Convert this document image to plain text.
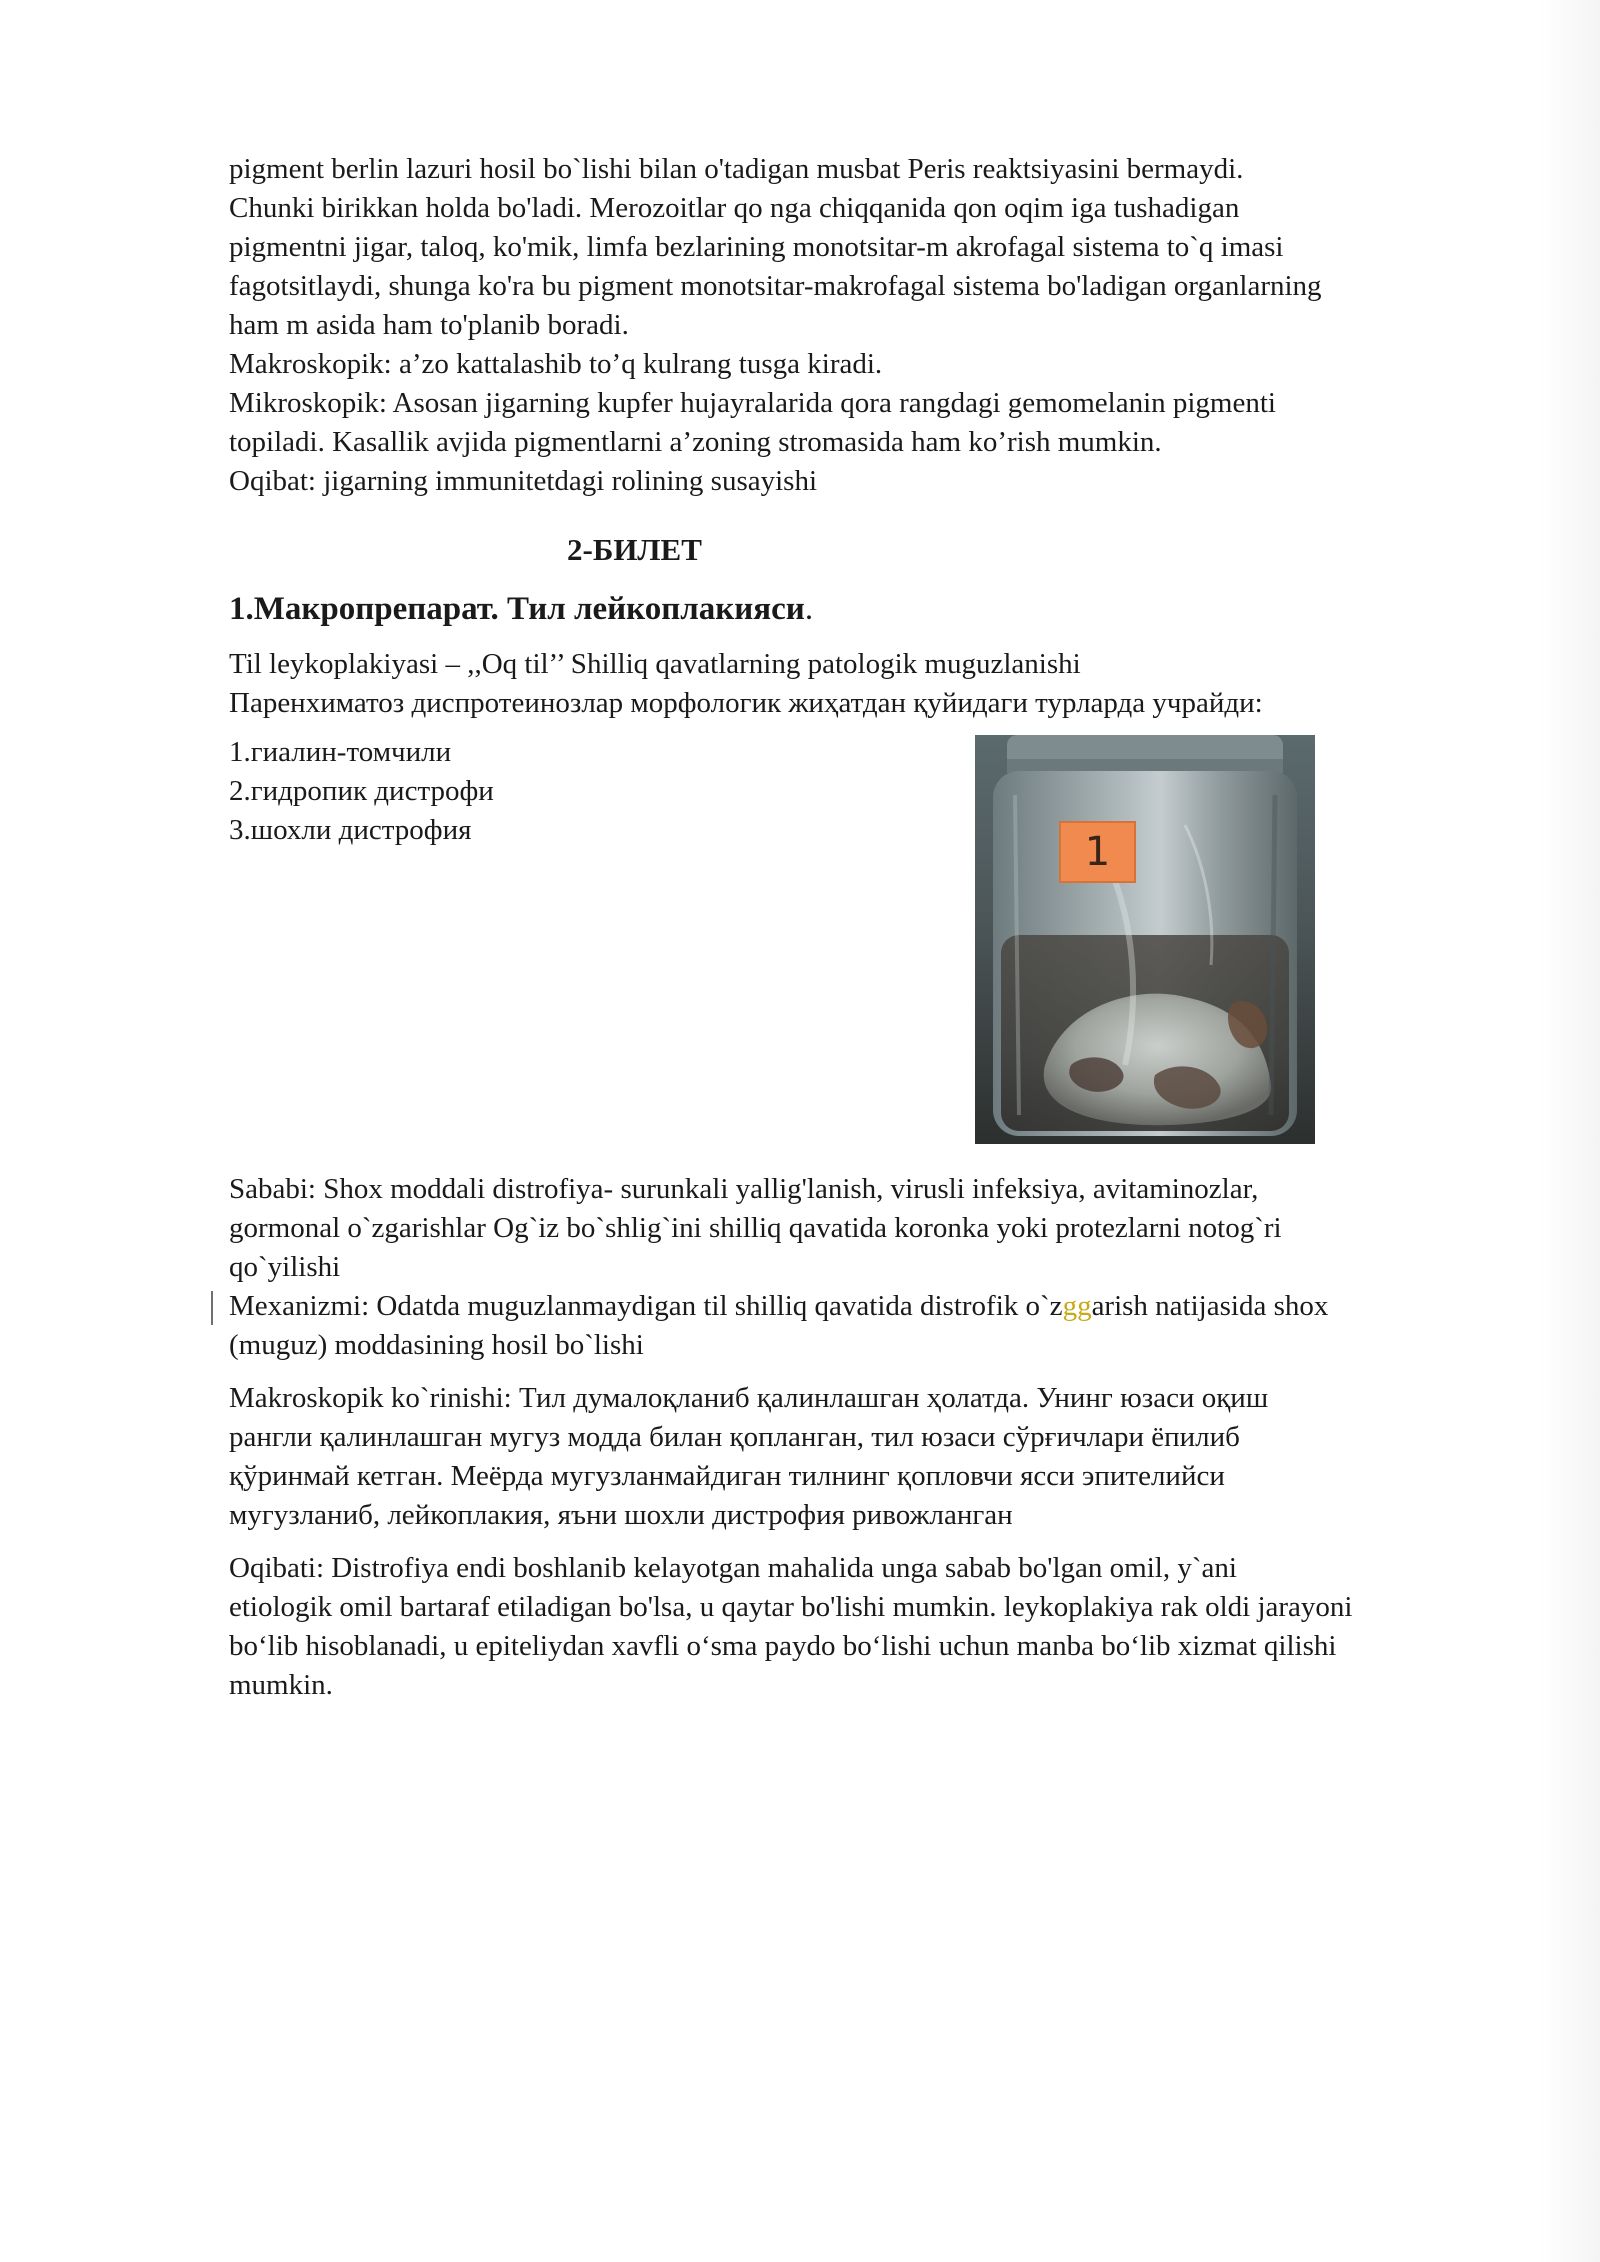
pigment berlin lazuri hosil bo`lishi bilan o'tadigan musbat Peris reaktsiyasini bermaydi.

Chunki birikkan holda bo'ladi. Merozoitlar qo nga chiqqanida qon oqim iga tushadigan

pigmentni jigar, taloq, ko'mik, limfa bezlarining monotsitar-m akrofagal sistema to`q imasi

fagotsitlaydi, shunga ko'ra bu pigment monotsitar-makrofagal sistema bo'ladigan organlarning

ham m asida ham to'planib boradi.

Makroskopik: a’zo kattalashib to’q kulrang tusga kiradi.

Mikroskopik: Asosan jigarning kupfer hujayralarida qora rangdagi gemomelanin pigmenti

topiladi. Kasallik avjida pigmentlarni a’zoning stromasida ham ko’rish mumkin.

Oqibat: jigarning immunitetdagi rolining susayishi

2-БИЛЕТ

1.Макропрепарат. Тил лейкоплакияси.

Til leykoplakiyasi – ,,Oq til’’ Shilliq qavatlarning patologik muguzlanishi

Паренхиматоз диспротеинозлар морфологик жиҳатдан қуйидаги турларда учрайди:

1.гиалин-томчили

2.гидропик дистрофи

3.шохли дистрофия	1

Sababi: Shox moddali distrofiya- surunkali yallig'lanish, virusli infeksiya, avitaminozlar,

gormonal o`zgarishlar Og`iz bo`shlig`ini shilliq qavatida koronka yoki protezlarni notog`ri

qo`yilishi

Mexanizmi: Odatda muguzlanmaydigan til shilliq qavatida distrofik o`zggarish natijasida shox

(muguz) moddasining hosil bo`lishi

Makroskopik ko`rinishi: Тил думалоқланиб қалинлашган ҳолатда. Унинг юзаси оқиш

рангли қалинлашган мугуз модда билан қопланган, тил юзаси сўрғичлари ёпилиб

қўринмай кетган. Меёрда мугузланмайдиган тилнинг қопловчи ясси эпителийси

мугузланиб, лейкоплакия, яъни шохли дистрофия ривожланган

Oqibati: Distrofiya endi boshlanib kelayotgan mahalida unga sabab bo'lgan omil, y`ani

etiologik omil bartaraf etiladigan bo'lsa, u qaytar bo'lishi mumkin. leykoplakiya rak oldi jarayoni

boʻlib hisoblanadi, u epiteliydan xavfli oʻsma paydo boʻlishi uchun manba boʻlib xizmat qilishi

mumkin.
